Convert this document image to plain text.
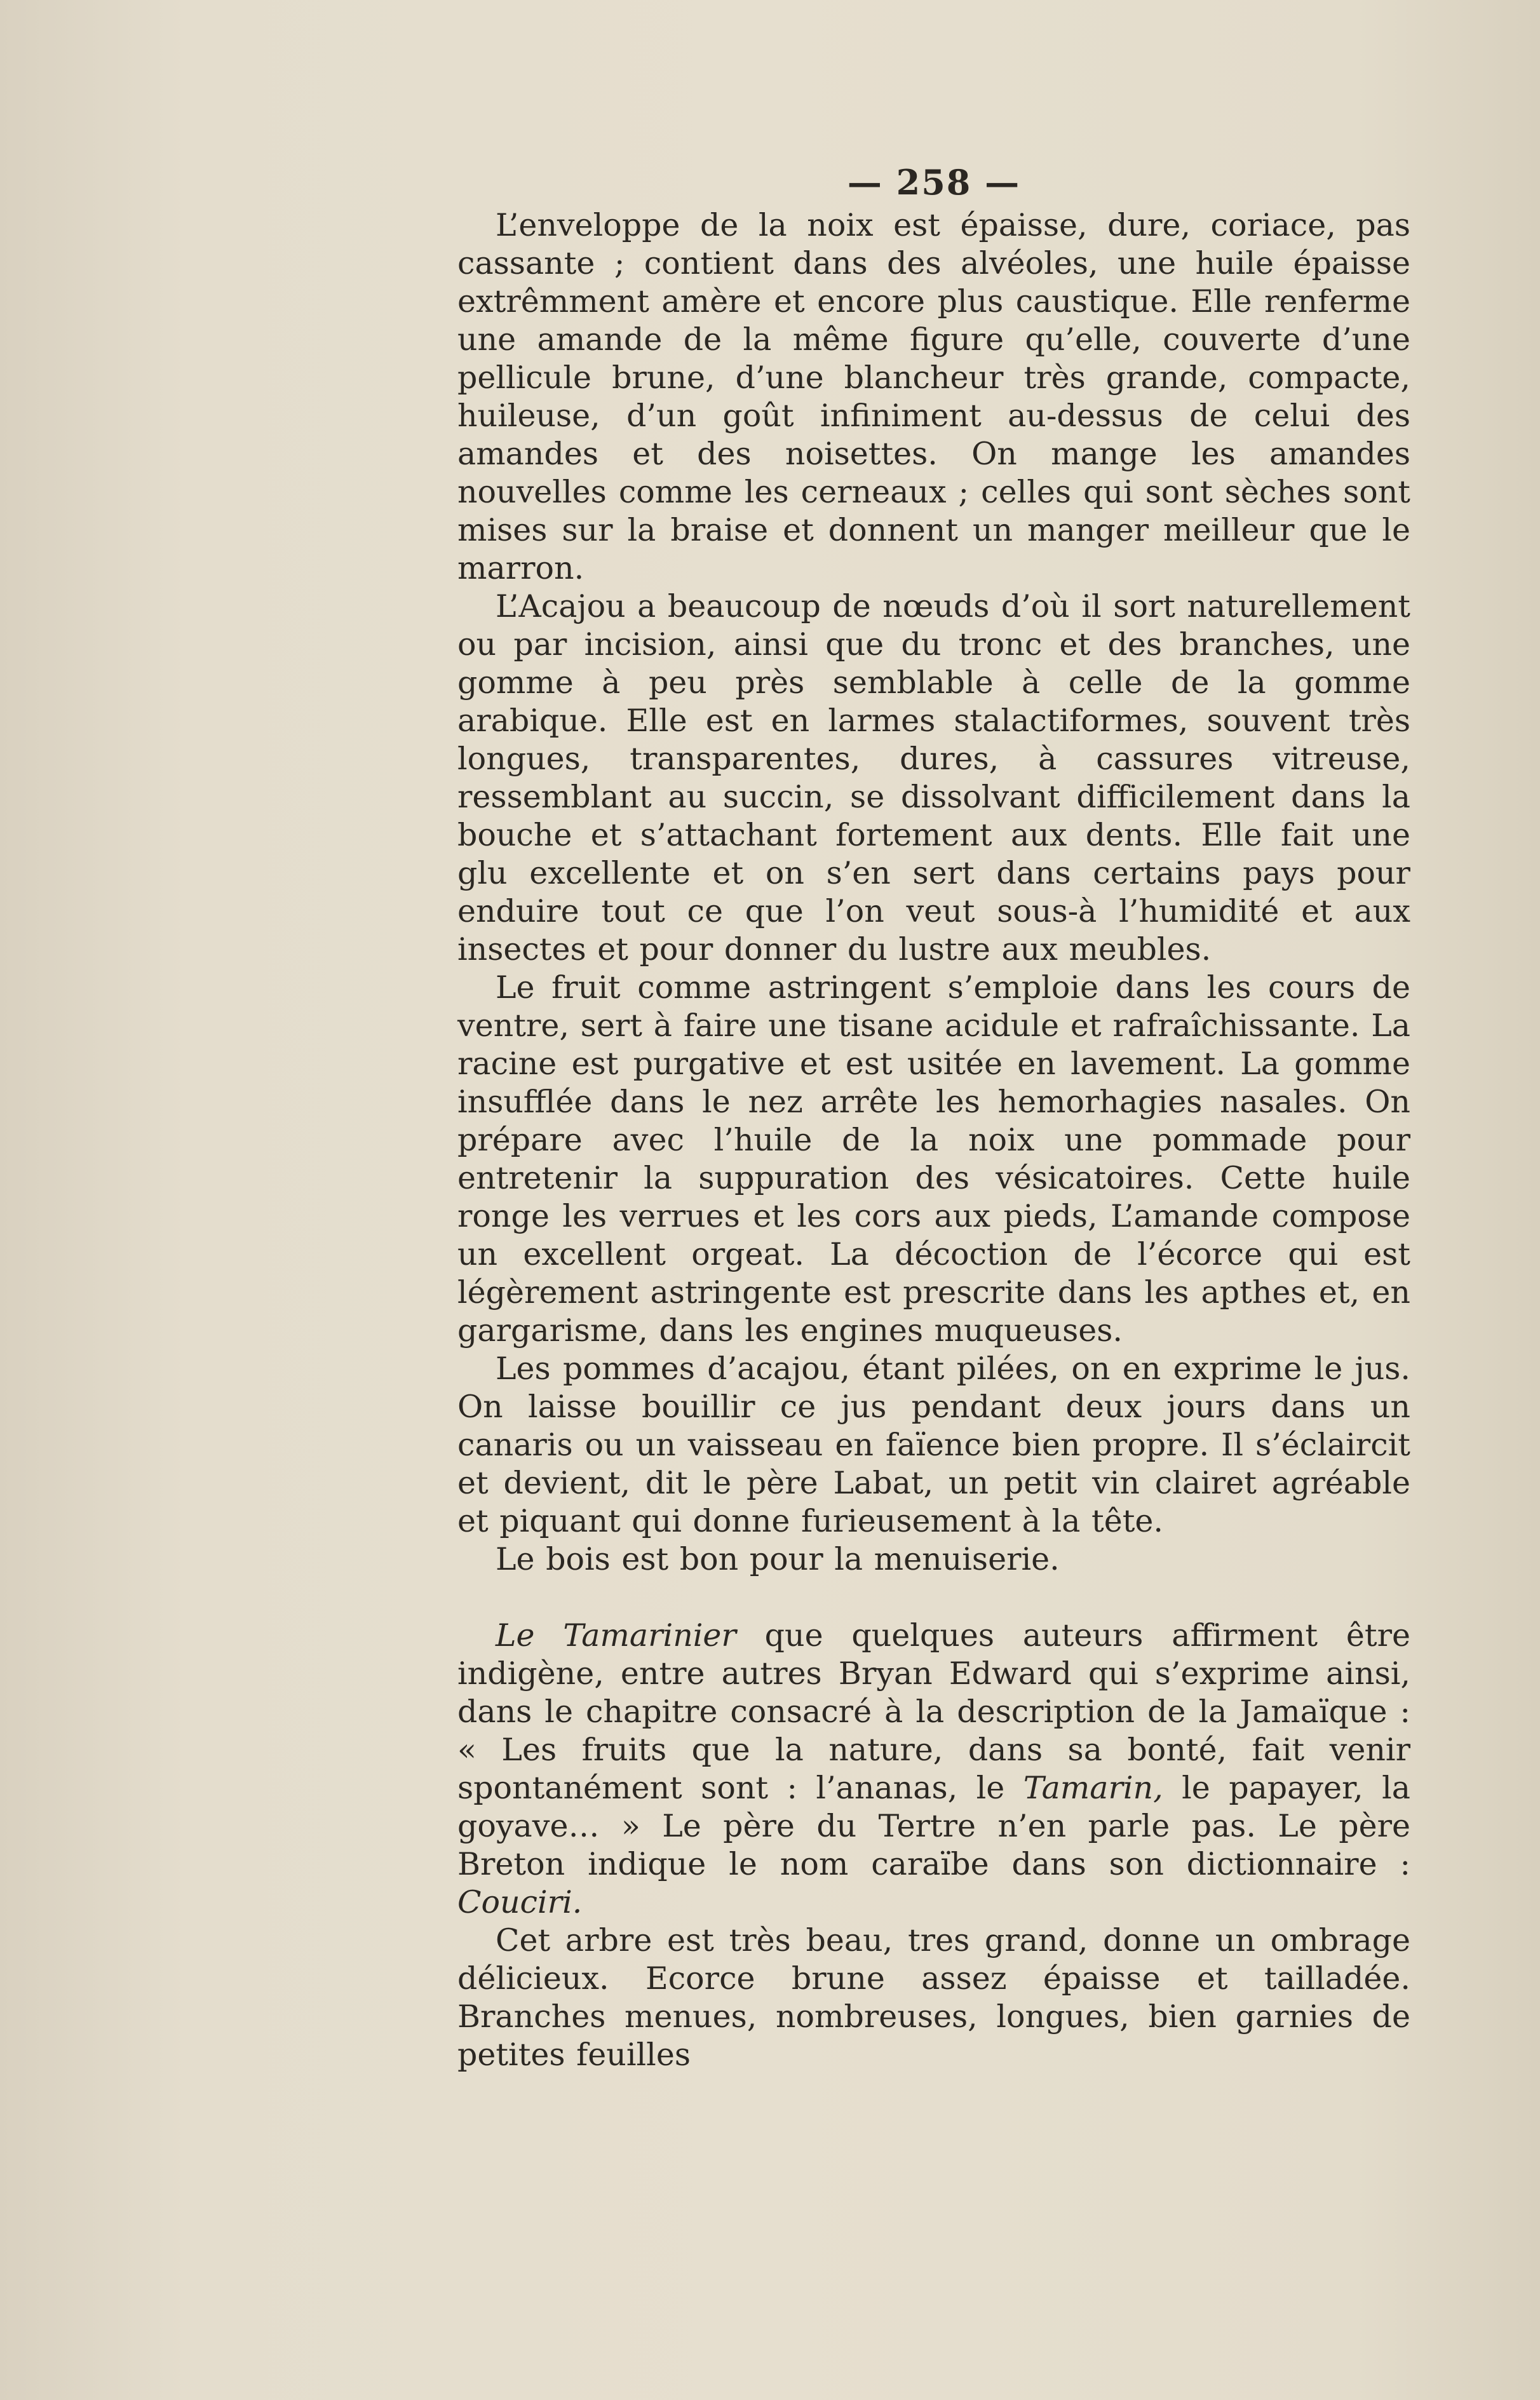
— 258 —

L’enveloppe de la noix est épaisse, dure, coriace, pas cassante ; contient dans des alvéoles, une huile épaisse extrêmment amère et encore plus caustique. Elle renferme une amande de la même figure qu’elle, couverte d’une pellicule brune, d’une blancheur très grande, compacte, huileuse, d’un goût infiniment au-dessus de celui des amandes et des noisettes. On mange les amandes nouvelles comme les cerneaux ; celles qui sont sèches sont mises sur la braise et donnent un manger meilleur que le marron.

L’Acajou a beaucoup de nœuds d’où il sort naturellement ou par incision, ainsi que du tronc et des branches, une gomme à peu près semblable à celle de la gomme arabique. Elle est en larmes stalactiformes, souvent très longues, transparentes, dures, à cassures vitreuse, ressemblant au succin, se dissolvant difficilement dans la bouche et s’attachant fortement aux dents. Elle fait une glu excellente et on s’en sert dans certains pays pour enduire tout ce que l’on veut sous-à l’humidité et aux insectes et pour donner du lustre aux meubles.

Le fruit comme astringent s’emploie dans les cours de ventre, sert à faire une tisane acidule et rafraîchissante. La racine est purgative et est usitée en lavement. La gomme insufflée dans le nez arrête les hemorhagies nasales. On prépare avec l’huile de la noix une pommade pour entretenir la suppuration des vésicatoires. Cette huile ronge les verrues et les cors aux pieds, L’amande compose un excellent orgeat. La décoction de l’écorce qui est légèrement astringente est prescrite dans les apthes et, en gargarisme, dans les engines muqueuses.

Les pommes d’acajou, étant pilées, on en exprime le jus. On laisse bouillir ce jus pendant deux jours dans un canaris ou un vaisseau en faïence bien propre. Il s’éclaircit et devient, dit le père Labat, un petit vin clairet agréable et piquant qui donne furieusement à la tête.

Le bois est bon pour la menuiserie.

Le Tamarinier que quelques auteurs affirment être indigène, entre autres Bryan Edward qui s’exprime ainsi, dans le chapitre consacré à la description de la Jamaïque : « Les fruits que la nature, dans sa bonté, fait venir spontanément sont : l’ananas, le Tamarin, le papayer, la goyave… » Le père du Tertre n’en parle pas. Le père Breton indique le nom caraïbe dans son dictionnaire : Couciri.

Cet arbre est très beau, tres grand, donne un ombrage délicieux. Ecorce brune assez épaisse et tailladée. Branches menues, nombreuses, longues, bien garnies de petites feuilles
